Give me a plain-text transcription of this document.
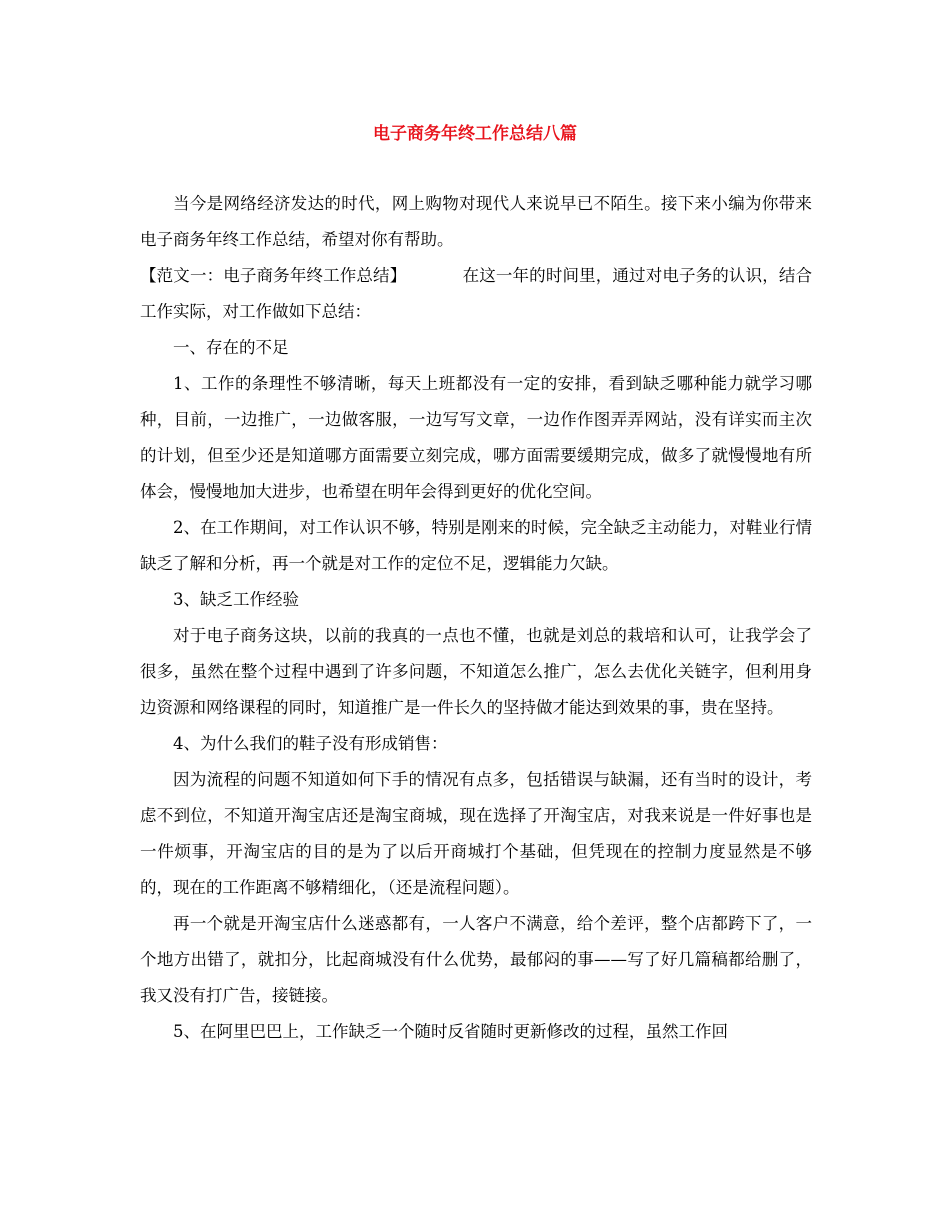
电子商务年终工作总结八篇

当今是网络经济发达的时代，网上购物对现代人来说早已不陌生。接下来小编为你带来电子商务年终工作总结，希望对你有帮助。

【范文一：电子商务年终工作总结】	在这一年的时间里，通过对电子务的认识，结合工作实际，对工作做如下总结：

一、存在的不足

1、工作的条理性不够清晰，每天上班都没有一定的安排，看到缺乏哪种能力就学习哪种，目前，一边推广，一边做客服，一边写写文章，一边作作图弄弄网站，没有详实而主次的计划，但至少还是知道哪方面需要立刻完成，哪方面需要缓期完成，做多了就慢慢地有所体会，慢慢地加大进步，也希望在明年会得到更好的优化空间。

2、在工作期间，对工作认识不够，特别是刚来的时候，完全缺乏主动能力，对鞋业行情缺乏了解和分析，再一个就是对工作的定位不足，逻辑能力欠缺。

3、缺乏工作经验

对于电子商务这块，以前的我真的一点也不懂，也就是刘总的栽培和认可，让我学会了很多，虽然在整个过程中遇到了许多问题，不知道怎么推广，怎么去优化关链字，但利用身边资源和网络课程的同时，知道推广是一件长久的坚持做才能达到效果的事，贵在坚持。

4、为什么我们的鞋子没有形成销售：

因为流程的问题不知道如何下手的情况有点多，包括错误与缺漏，还有当时的设计，考虑不到位，不知道开淘宝店还是淘宝商城，现在选择了开淘宝店，对我来说是一件好事也是一件烦事，开淘宝店的目的是为了以后开商城打个基础，但凭现在的控制力度显然是不够的，现在的工作距离不够精细化，（还是流程问题）。

再一个就是开淘宝店什么迷惑都有，一人客户不满意，给个差评，整个店都跨下了，一个地方出错了，就扣分，比起商城没有什么优势，最郁闷的事——写了好几篇稿都给删了，我又没有打广告，接链接。

5、在阿里巴巴上，工作缺乏一个随时反省随时更新修改的过程，虽然工作回
